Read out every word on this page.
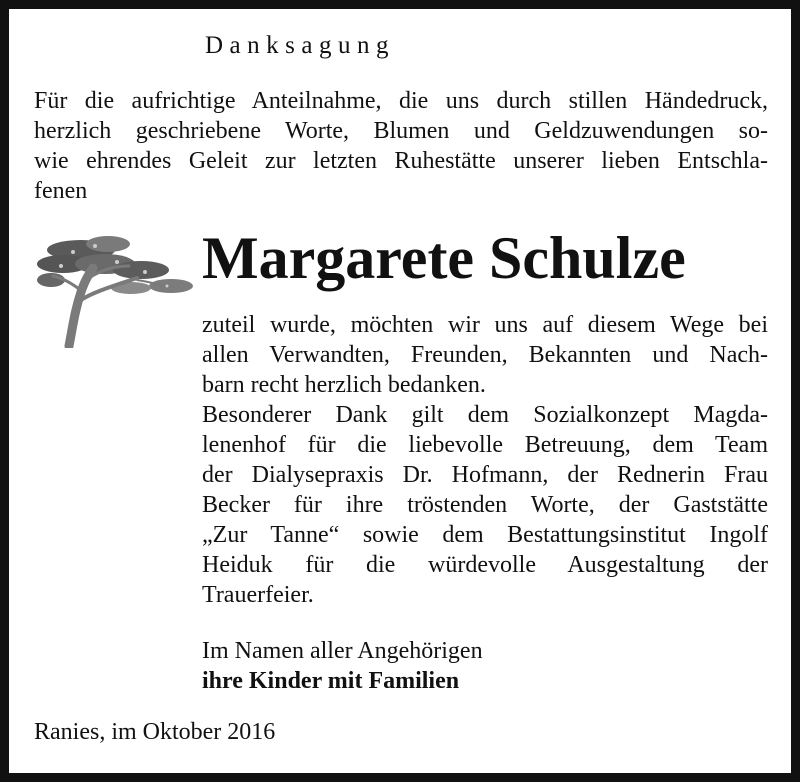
Danksagung
Für die aufrichtige Anteilnahme, die uns durch stillen Händedruck,
herzlich geschriebene Worte, Blumen und Geldzuwendungen so-
wie ehrendes Geleit zur letzten Ruhestätte unserer lieben Entschla-
fenen
Margarete Schulze
zuteil wurde, möchten wir uns auf diesem Wege bei
allen Verwandten, Freunden, Bekannten und Nach-
barn recht herzlich bedanken.
Besonderer Dank gilt dem Sozialkonzept Magda-
lenenhof für die liebevolle Betreuung, dem Team
der Dialysepraxis Dr. Hofmann, der Rednerin Frau
Becker für ihre tröstenden Worte, der Gaststätte
„Zur Tanne“ sowie dem Bestattungsinstitut Ingolf
Heiduk für die würdevolle Ausgestaltung der
Trauerfeier.
Im Namen aller Angehörigen
ihre Kinder mit Familien
Ranies, im Oktober 2016
